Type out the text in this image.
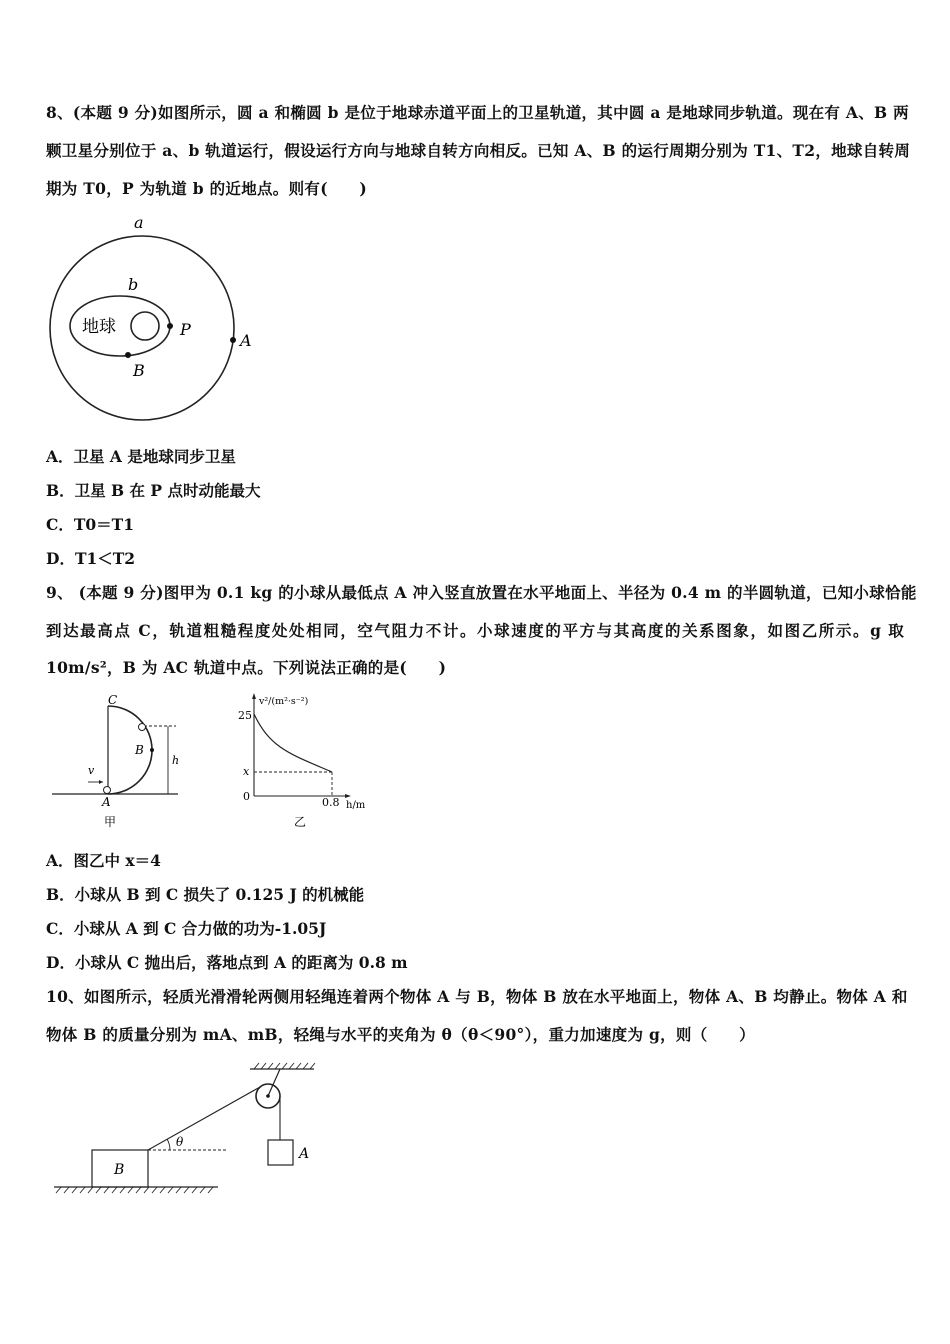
8、(本题 9 分)如图所示，圆 a 和椭圆 b 是位于地球赤道平面上的卫星轨道，其中圆 a 是地球同步轨道。现在有 A、B 两
颗卫星分别位于 a、b 轨道运行，假设运行方向与地球自转方向相反。已知 A、B 的运行周期分别为 T1、T2，地球自转周
期为 T0，P 为轨道 b 的近地点。则有(　　)
a
b
地球	P
A
B
A．卫星 A 是地球同步卫星
B．卫星 B 在 P 点时动能最大
C．T0＝T1
D．T1＜T2
9、 (本题 9 分)图甲为 0.1 kg 的小球从最低点 A 冲入竖直放置在水平地面上、半径为 0.4 m 的半圆轨道，已知小球恰能
到达最高点 C，轨道粗糙程度处处相同，空气阻力不计。小球速度的平方与其高度的关系图象，如图乙所示。g 取
10m/s²，B 为 AC 轨道中点。下列说法正确的是(　　)
C
B
A
v
h
甲
v²/(m²·s⁻²)
25
x
0	0.8 h/m
乙
A．图乙中 x＝4
B．小球从 B 到 C 损失了 0.125 J 的机械能
C．小球从 A 到 C 合力做的功为-1.05J
D．小球从 C 抛出后，落地点到 A 的距离为 0.8 m
10、如图所示，轻质光滑滑轮两侧用轻绳连着两个物体 A 与 B，物体 B 放在水平地面上，物体 A、B 均静止。物体 A 和
物体 B 的质量分别为 mA、mB，轻绳与水平的夹角为 θ（θ＜90°），重力加速度为 g，则（　　）
A
θ
B
